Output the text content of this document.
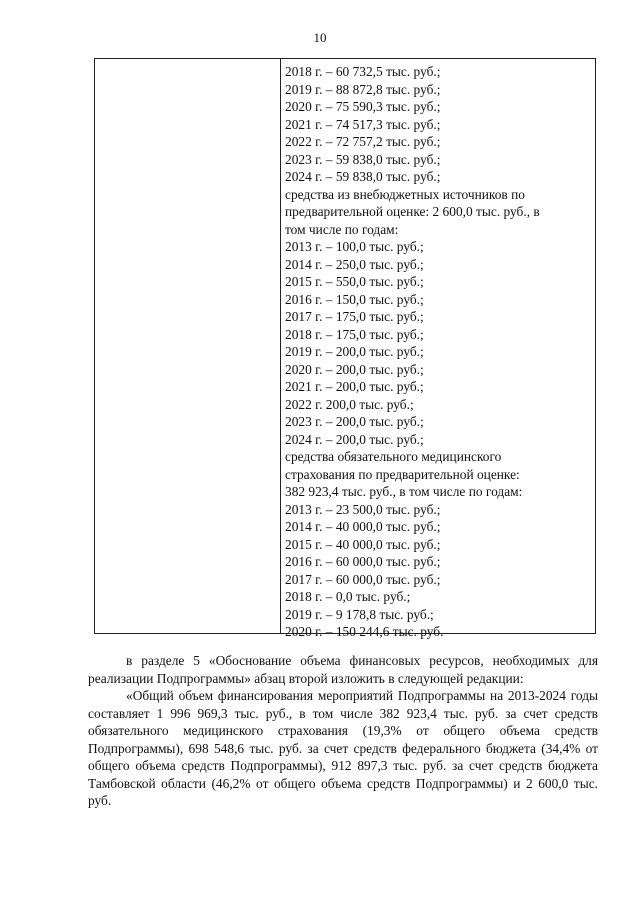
10
2018 г. – 60 732,5 тыс. руб.;
2019 г. – 88 872,8 тыс. руб.;
2020 г. – 75 590,3 тыс. руб.;
2021 г. – 74 517,3 тыс. руб.;
2022 г. – 72 757,2 тыс. руб.;
2023 г. – 59 838,0 тыс. руб.;
2024 г. – 59 838,0 тыс. руб.;
средства из внебюджетных источников по
предварительной оценке: 2 600,0 тыс. руб., в
том числе по годам:
2013 г. – 100,0 тыс. руб.;
2014 г. – 250,0 тыс. руб.;
2015 г. – 550,0 тыс. руб.;
2016 г. – 150,0 тыс. руб.;
2017 г. – 175,0 тыс. руб.;
2018 г. – 175,0 тыс. руб.;
2019 г. – 200,0 тыс. руб.;
2020 г. – 200,0 тыс. руб.;
2021 г. – 200,0 тыс. руб.;
2022 г. 200,0 тыс. руб.;
2023 г. – 200,0 тыс. руб.;
2024 г. – 200,0 тыс. руб.;
средства обязательного медицинского
страхования по предварительной оценке:
382 923,4 тыс. руб., в том числе по годам:
2013 г. – 23 500,0 тыс. руб.;
2014 г. – 40 000,0 тыс. руб.;
2015 г. – 40 000,0 тыс. руб.;
2016 г. – 60 000,0 тыс. руб.;
2017 г. – 60 000,0 тыс. руб.;
2018 г. – 0,0 тыс. руб.;
2019 г. – 9 178,8 тыс. руб.;
2020 г. – 150 244,6 тыс. руб.

в разделе 5 «Обоснование объема финансовых ресурсов, необходимых для реализации Подпрограммы» абзац второй изложить в следующей редакции:

«Общий объем финансирования мероприятий Подпрограммы на 2013-2024 годы составляет 1 996 969,3 тыс. руб., в том числе 382 923,4 тыс. руб. за счет средств обязательного медицинского страхования (19,3% от общего объема средств Подпрограммы), 698 548,6 тыс. руб. за счет средств федерального бюджета (34,4% от общего объема средств Подпрограммы), 912 897,3 тыс. руб. за счет средств бюджета Тамбовской области (46,2% от общего объема средств Подпрограммы) и 2 600,0 тыс. руб.
